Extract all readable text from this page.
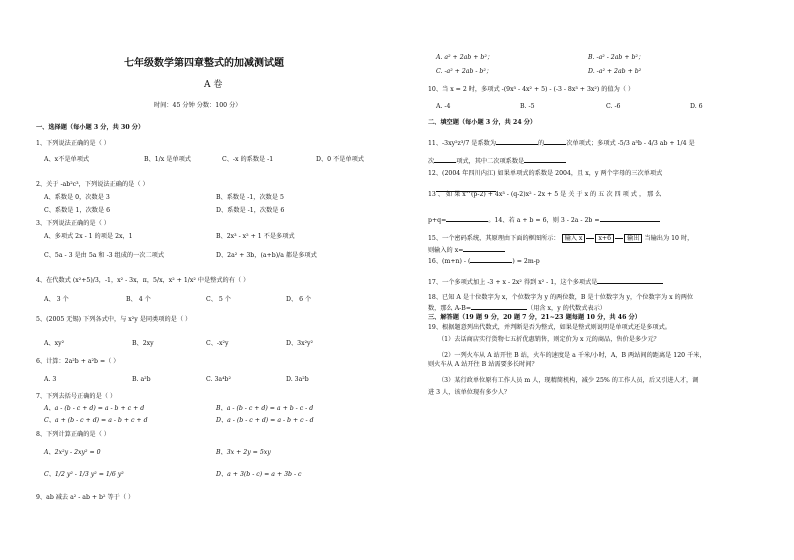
七年级数学第四章整式的加减测试题
A 卷
时间：45 分钟 分数：100 分）
一、选择题（每小题 3 分，共 30 分）
1、下列说法正确的是（ ）
A、x不是单项式	B、1/x 是单项式	C、-x 的系数是 -1	D、0 不是单项式
2、关于 -ab²c³，下列说法正确的是（ ）
A、系数是 0，次数是 3	B、系数是 -1，次数是 5
C、系数是 1，次数是 6	D、系数是 -1，次数是 6
3、下列说法正确的是（ ）
A、多项式 2x - 1 的项是 2x，1	B、2x³ - x² + 1 不是多项式
C、5a - 3 是由 5a 和 -3 组成的一次二项式	D、2a² + 3b，(a+b)/a 都是多项式
4、在代数式 (x²+5)/3，-1，x² - 3x，π，5/x，x² + 1/x² 中是整式的有（ ）
A、 3 个	B、 4 个	C、 5 个	D、 6 个
5、(2005 无锡) 下列各式中，与 x²y 是同类项的是（ ）
A、xy²	B、2xy	C、-x²y	D、3x²y²
6、计算：2a²b + a²b =（ ）
A. 3	B. a²b	C. 3a⁴b²	D. 3a²b
7、下列去括号正确的是（ ）
A、a - (b - c + d) = a - b + c + d	B、a - (b - c + d) = a + b - c - d
C、a + (b - c + d) = a - b + c + d	D、a - (b - c + d) = a - b + c - d
8、下列计算正确的是（ ）
A、2x²y - 2xy² = 0	B、3x + 2y = 5xy
C、1/2 y² - 1/3 y² = 1/6 y²	D、a + 3(b - c) = a + 3b - c
9、ab 减去 a² - ab + b² 等于（ ）
A. a² + 2ab + b²；	B. -a² - 2ab + b²；
C. -a² + 2ab - b²；	D. -a² + 2ab + b²
10、当 x = 2 时，多项式 -(9x³ - 4x² + 5) - (-3 - 8x³ + 3x²) 的值为（ ）
A. -4	B. -5	C. -6	D. 6
二、填空题（每小题 3 分，共 24 分）
11、-3xy²z³/7 是系数为	的	次单项式；多项式 -5/3 a³b - 4/3 ab + 1/4 是
次	项式，其中二次项系数是
12、(2004 年四川内江) 如果单项式的系数是 2004，且 x，y 两个字母的三次单项式
13 、 如 果 x^(p-2) + 4x³ - (q-2)x² - 2x + 5 是 关 于 x 的 五 次 四 项 式 ， 那 么
p+q=	。14、若 a + b = 6，则 3 - 2a - 2b =
15、一个密码系统，其原理由下面的框图所示： 输入 x	x+6	输出 当输出为 10 时，
则输入的 x=
16、(m+n) - (	) = 2m-p
17、一个多项式加上 -3 + x - 2x² 得到 x² - 1，这个多项式是
18、已知 A 是十位数字为 x，个位数字为 y 的两位数，B 是十位数字为 y，个位数字为 x 的两位
数，那么 A-B=	（用含 x，y 的代数式表示）
三、解答题（19 题 9 分，20 题 7 分，21~23 题每题 10 分，共 46 分）
19、根据题意列出代数式，并判断是否为整式，如果是整式则说明是单项式还是多项式。
（1）去话商店实行货物七五折优惠销售，则定价为 x 元的商品，售价是多少元？
（2）一列火车从 A 站开往 B 站，火车的速度是 a 千米/小时，A，B 两站间的距离是 120 千米，
则火车从 A 站开往 B 站需要多长时间？
（3）某行政单位原有工作人员 m 人，现精简机构，减少 25% 的工作人员，后又引进人才，调
进 3 人，该单位现有多少人？
